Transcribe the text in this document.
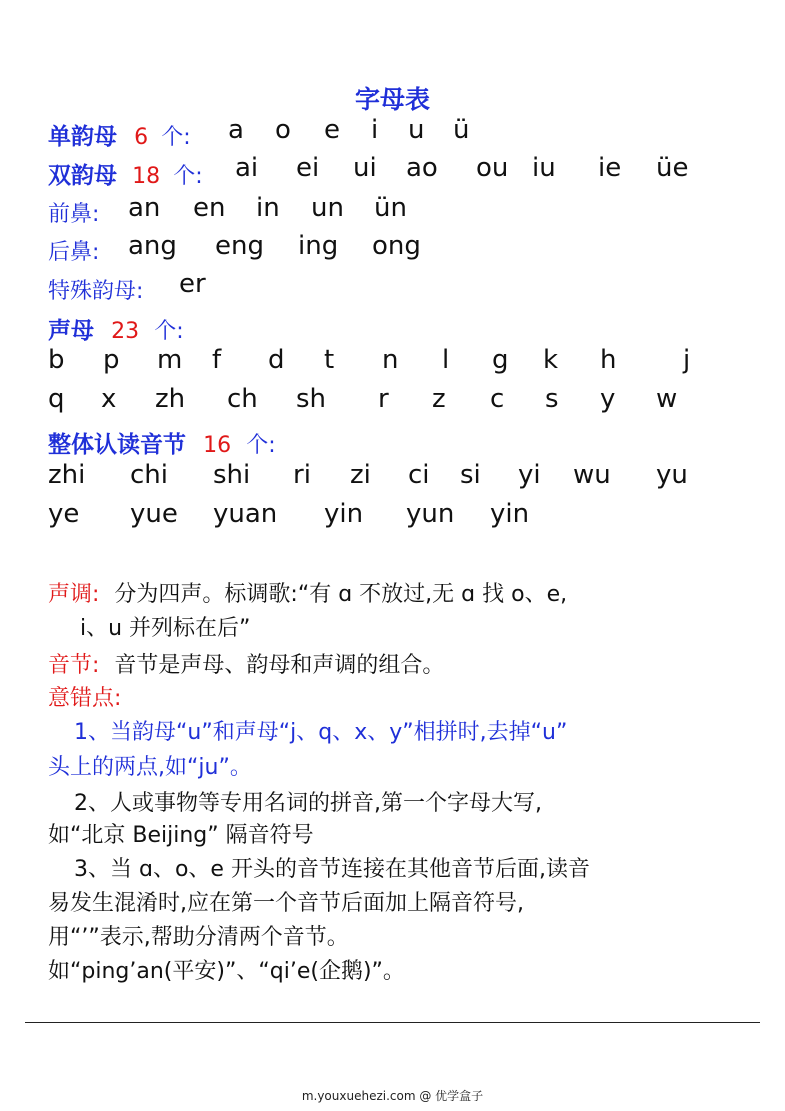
字母表
单韵母 6 个: a o e i u ü
双韵母 18 个: ai ei ui ao ou iu ie üe
前鼻: an en in un ün
后鼻: ang eng ing ong
特殊韵母: er
声母 23 个:
b p m f d t n l g k h	j
q x zh ch sh r z c s y w
整体认读音节 16 个:
zhi chi shi ri zi ci si yi wu yu
ye yue yuan yin yun yin
声调: 分为四声。标调歌:“有 ɑ 不放过,无 ɑ 找 o、e,
i、u 并列标在后”
音节: 音节是声母、韵母和声调的组合。
意错点:
1、当韵母“u”和声母“j、q、x、y”相拼时,去掉“u”
头上的两点,如“ju”。
2、人或事物等专用名词的拼音,第一个字母大写,
如“北京 Beijing” 隔音符号
3、当 ɑ、o、e 开头的音节连接在其他音节后面,读音
易发生混淆时,应在第一个音节后面加上隔音符号,
用“’”表示,帮助分清两个音节。
如“ping’an(平安)”、“qi’e(企鹅)”。
m.youxuehezi.com @ 优学盒子
